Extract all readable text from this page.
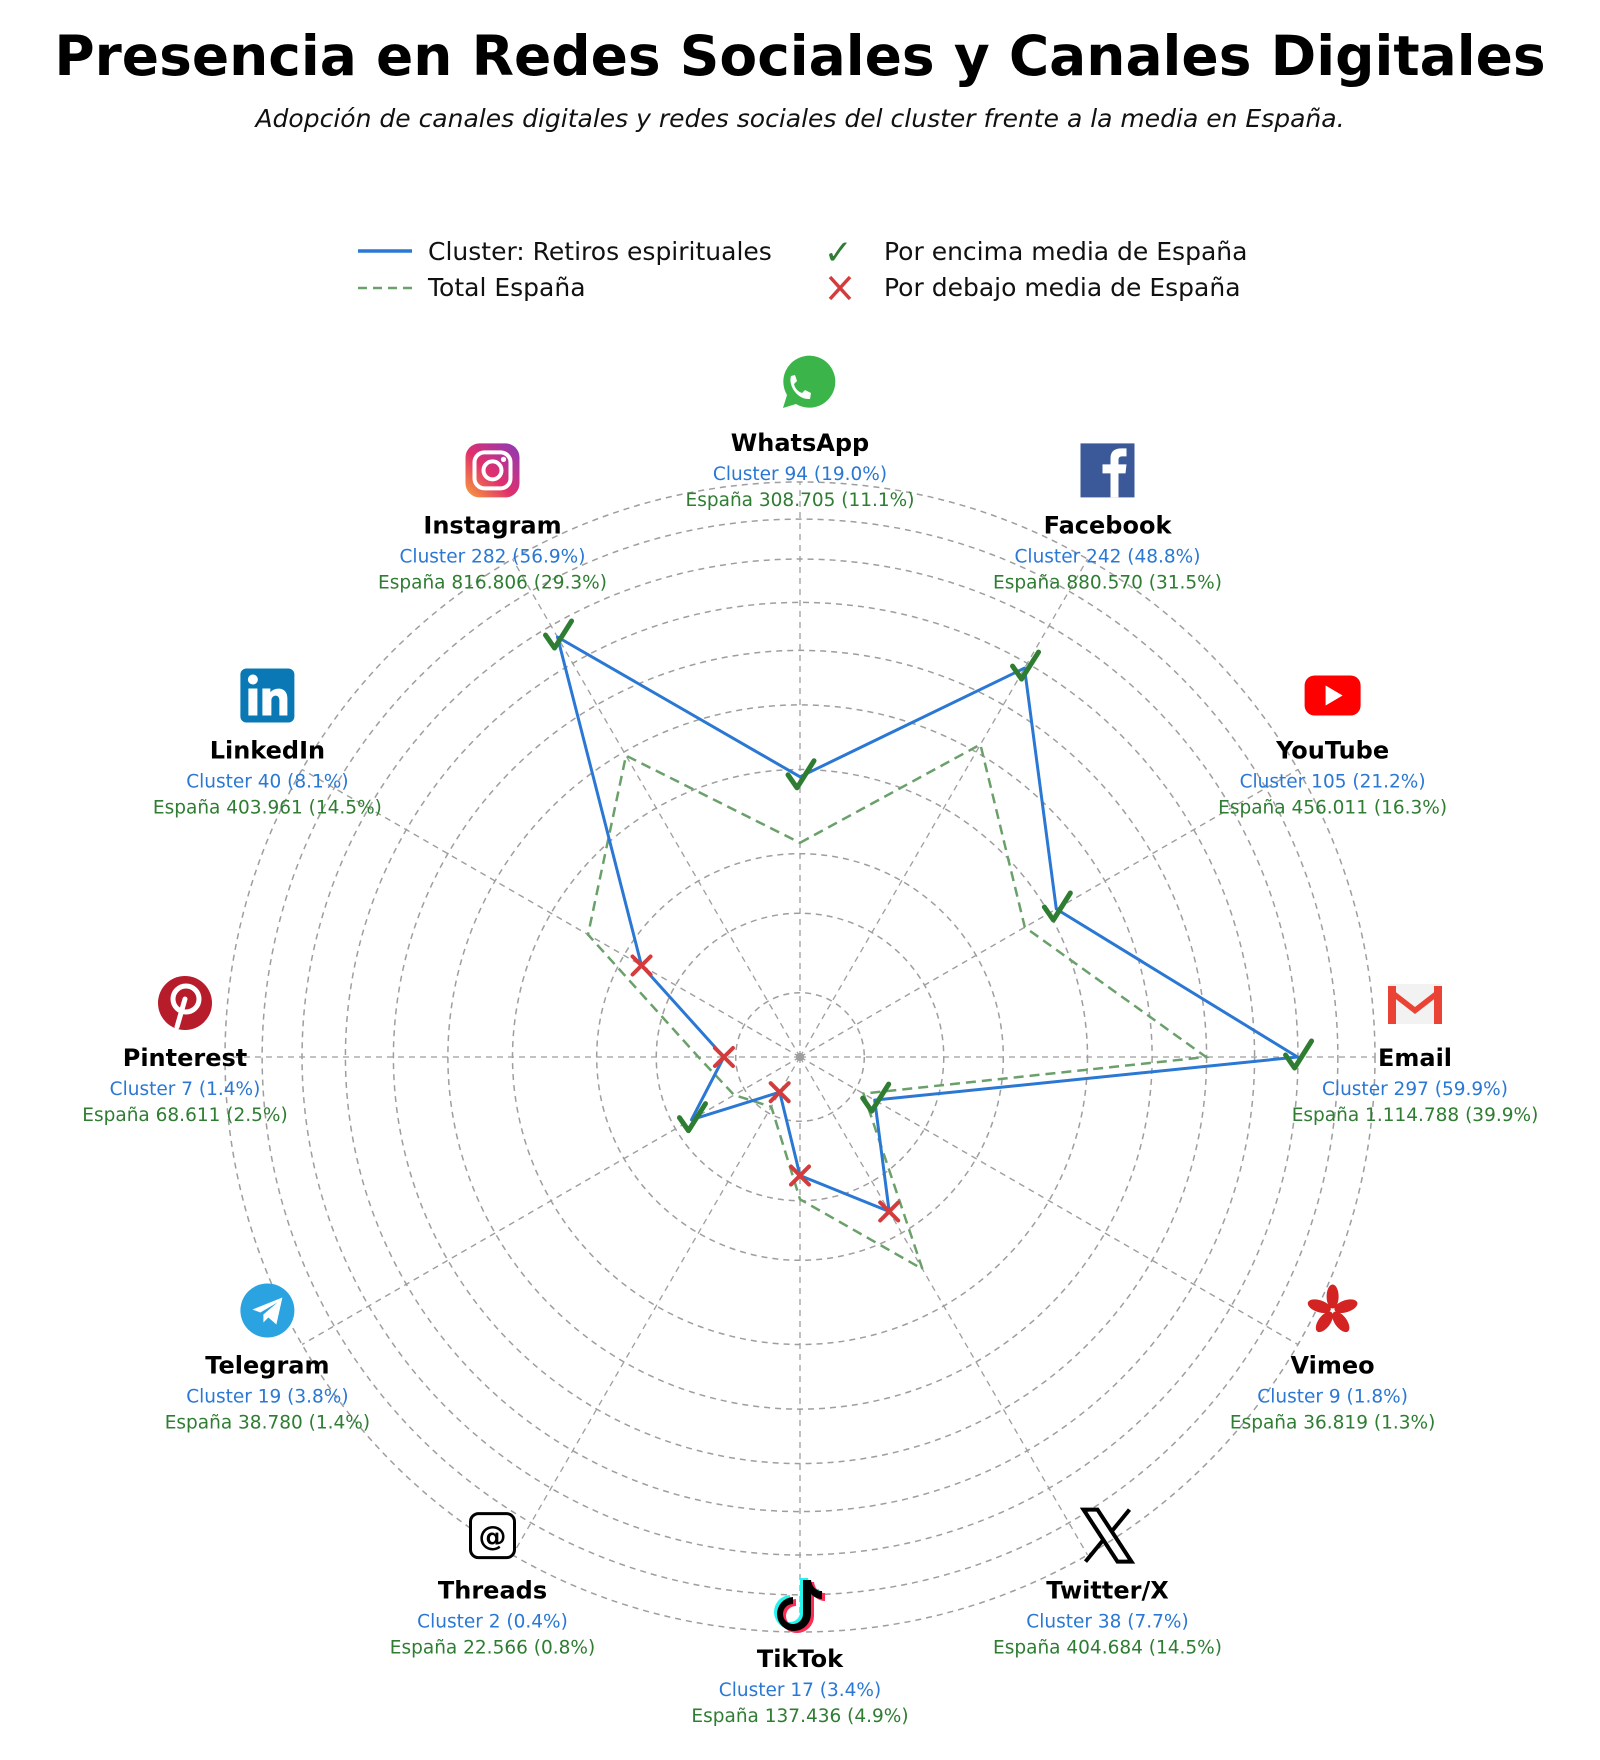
Presencia en Redes Sociales y Canales Digitales
Adopción de canales digitales y redes sociales del cluster frente a la media en España.
Cluster: Retiros espirituales
Total España
✓ Por encima media de España
Por debajo media de España
WhatsApp
Cluster 94 (19.0%)
España 308.705 (11.1%)
Facebook
Cluster 242 (48.8%)
España 880.570 (31.5%)
YouTube
Cluster 105 (21.2%)
España 456.011 (16.3%)
Email
Cluster 297 (59.9%)
España 1.114.788 (39.9%)
Vimeo
Cluster 9 (1.8%)
España 36.819 (1.3%)
Twitter/X
Cluster 38 (7.7%)
España 404.684 (14.5%)
TikTok
Cluster 17 (3.4%)
España 137.436 (4.9%)
@
Threads
Cluster 2 (0.4%)
España 22.566 (0.8%)
Telegram
Cluster 19 (3.8%)
España 38.780 (1.4%)
Pinterest
Cluster 7 (1.4%)
España 68.611 (2.5%)
LinkedIn
Cluster 40 (8.1%)
España 403.961 (14.5%)
Instagram
Cluster 282 (56.9%)
España 816.806 (29.3%)
